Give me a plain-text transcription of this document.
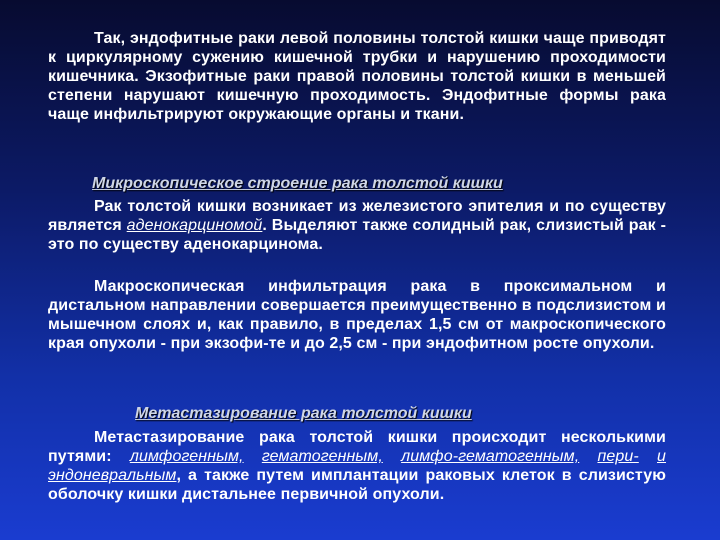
Так, эндофитные раки левой половины толстой кишки чаще приводят к циркулярному сужению кишечной трубки и нарушению проходимости кишечника. Экзофитные раки правой половины толстой кишки в меньшей степени нарушают кишечную проходимость. Эндофитные формы рака чаще инфильтрируют окружающие органы и ткани.

Микроскопическое строение рака толстой кишки

Рак толстой кишки возникает из железистого эпителия и по существу является аденокарциномой. Выделяют также солидный рак, слизистый рак - это по существу аденокарцинома.

Макроскопическая инфильтрация рака в проксимальном и дистальном направлении совершается преимущественно в подслизистом и мышечном слоях и, как правило, в пределах 1,5 см от макроскопического края опухоли - при экзофи-те и до 2,5 см - при эндофитном росте опухоли.

Метастазирование рака толстой кишки

Метастазирование рака толстой кишки происходит несколькими путями: лимфогенным, гематогенным, лимфо-гематогенным, пери- и эндоневральным, а также путем имплантации раковых клеток в слизистую оболочку кишки дистальнее первичной опухоли.
